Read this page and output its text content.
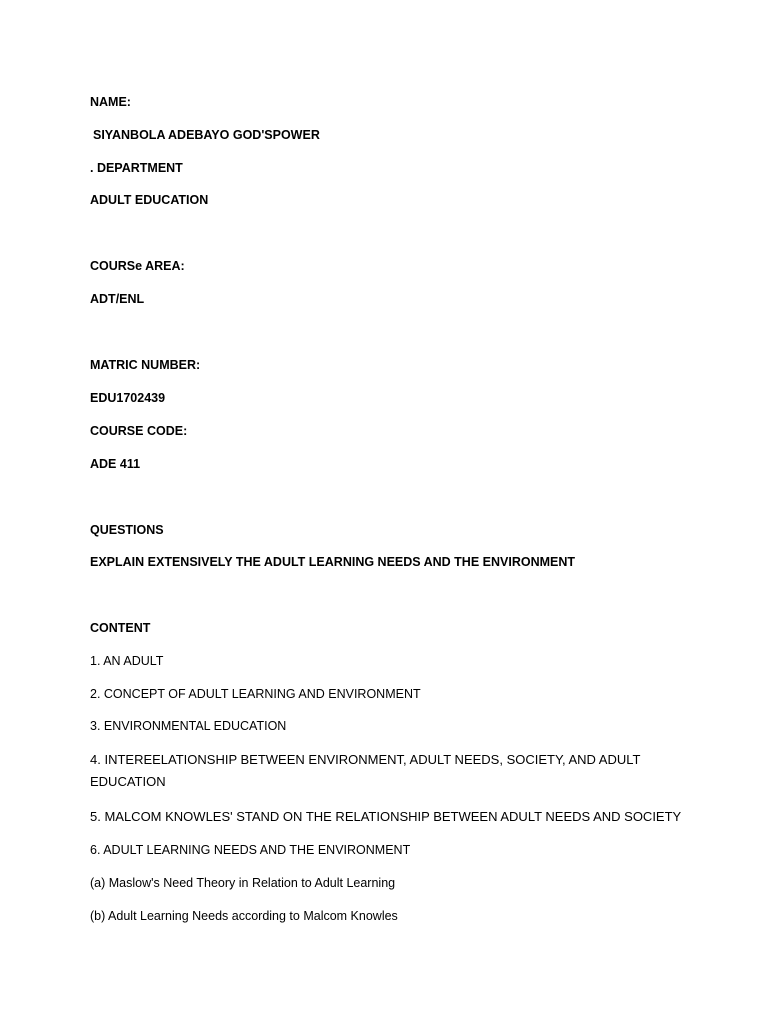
NAME:
SIYANBOLA ADEBAYO GOD'SPOWER
. DEPARTMENT
ADULT EDUCATION
COURSe AREA:
ADT/ENL
MATRIC NUMBER:
EDU1702439
COURSE CODE:
ADE 411
QUESTIONS
EXPLAIN EXTENSIVELY THE ADULT LEARNING NEEDS AND THE ENVIRONMENT
CONTENT
1. AN ADULT
2. CONCEPT OF ADULT LEARNING AND ENVIRONMENT
3. ENVIRONMENTAL EDUCATION
4. INTEREELATIONSHIP BETWEEN ENVIRONMENT, ADULT NEEDS, SOCIETY, AND ADULT EDUCATION
5. MALCOM KNOWLES' STAND ON THE RELATIONSHIP BETWEEN ADULT NEEDS AND SOCIETY
6. ADULT LEARNING NEEDS AND THE ENVIRONMENT
(a) Maslow's Need Theory in Relation to Adult Learning
(b) Adult Learning Needs according to Malcom Knowles
